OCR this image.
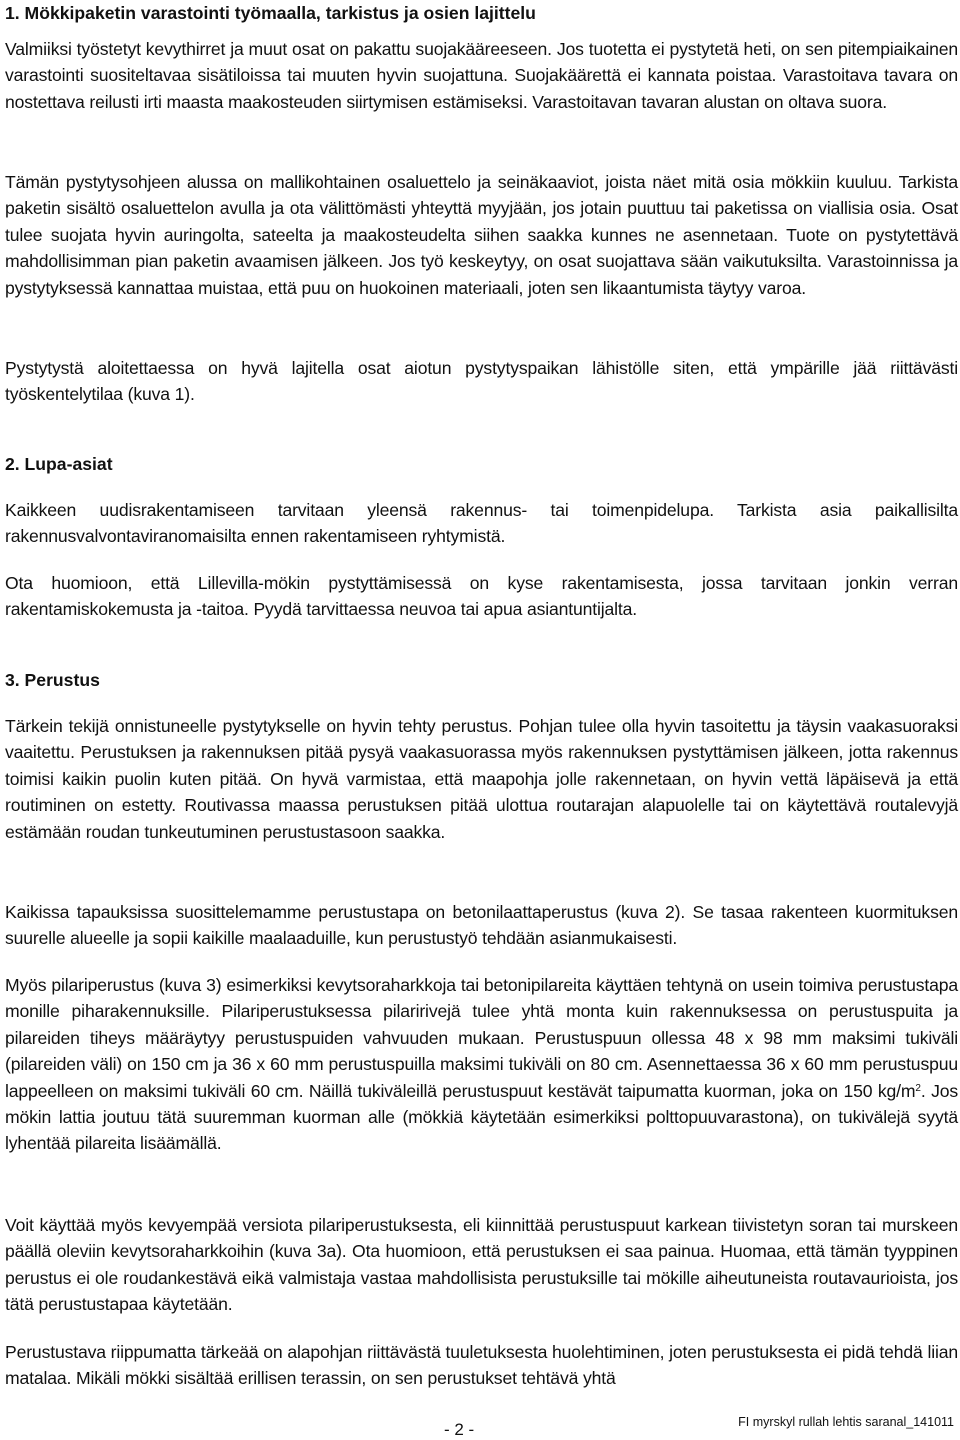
1. Mökkipaketin varastointi työmaalla, tarkistus ja osien lajittelu

Valmiiksi työstetyt kevythirret ja muut osat on pakattu suojakääreeseen. Jos tuotetta ei pystytetä heti, on sen pitempiaikainen varastointi suositeltavaa sisätiloissa tai muuten hyvin suojattuna. Suojakäärettä ei kannata poistaa. Varastoitava tavara on nostettava reilusti irti maasta maakosteuden siirtymisen estämiseksi. Varastoitavan tavaran alustan on oltava suora.

Tämän pystytysohjeen alussa on mallikohtainen osaluettelo ja seinäkaaviot, joista näet mitä osia mökkiin kuuluu. Tarkista paketin sisältö osaluettelon avulla ja ota välittömästi yhteyttä myyjään, jos jotain puuttuu tai paketissa on viallisia osia. Osat tulee suojata hyvin auringolta, sateelta ja maakosteudelta siihen saakka kunnes ne asennetaan. Tuote on pystytettävä mahdollisimman pian paketin avaamisen jälkeen. Jos työ keskeytyy, on osat suojattava sään vaikutuksilta. Varastoinnissa ja pystytyksessä kannattaa muistaa, että puu on huokoinen materiaali, joten sen likaantumista täytyy varoa.

Pystytystä aloitettaessa on hyvä lajitella osat aiotun pystytyspaikan lähistölle siten, että ympärille jää riittävästi työskentelytilaa (kuva 1).

2. Lupa-asiat

Kaikkeen uudisrakentamiseen tarvitaan yleensä rakennus- tai toimenpidelupa. Tarkista asia paikallisilta rakennusvalvontaviranomaisilta ennen rakentamiseen ryhtymistä.

Ota huomioon, että Lillevilla-mökin pystyttämisessä on kyse rakentamisesta, jossa tarvitaan jonkin verran rakentamiskokemusta ja -taitoa. Pyydä tarvittaessa neuvoa tai apua asiantuntijalta.

3. Perustus

Tärkein tekijä onnistuneelle pystytykselle on hyvin tehty perustus. Pohjan tulee olla hyvin tasoitettu ja täysin vaakasuoraksi vaaitettu. Perustuksen ja rakennuksen pitää pysyä vaakasuorassa myös rakennuksen pystyttämisen jälkeen, jotta rakennus toimisi kaikin puolin kuten pitää. On hyvä varmistaa, että maapohja jolle rakennetaan, on hyvin vettä läpäisevä ja että routiminen on estetty. Routivassa maassa perustuksen pitää ulottua routarajan alapuolelle tai on käytettävä routalevyjä estämään roudan tunkeutuminen perustustasoon saakka.

Kaikissa tapauksissa suosittelemamme perustustapa on betonilaattaperustus (kuva 2). Se tasaa rakenteen kuormituksen suurelle alueelle ja sopii kaikille maalaaduille, kun perustustyö tehdään asianmukaisesti.

Myös pilariperustus (kuva 3) esimerkiksi kevytsoraharkkoja tai betonipilareita käyttäen tehtynä on usein toimiva perustustapa monille piharakennuksille. Pilariperustuksessa pilaririvejä tulee yhtä monta kuin rakennuksessa on perustuspuita ja pilareiden tiheys määräytyy perustuspuiden vahvuuden mukaan. Perustuspuun ollessa 48 x 98 mm maksimi tukiväli (pilareiden väli) on 150 cm ja 36 x 60 mm perustuspuilla maksimi tukiväli on 80 cm. Asennettaessa 36 x 60 mm perustuspuu lappeelleen on maksimi tukiväli 60 cm. Näillä tukiväleillä perustuspuut kestävät taipumatta kuorman, joka on 150 $kg/m^2$. Jos mökin lattia joutuu tätä suuremman kuorman alle (mökkiä käytetään esimerkiksi polttopuuvarastona), on tukivälejä syytä lyhentää pilareita lisäämällä.

Voit käyttää myös kevyempää versiota pilariperustuksesta, eli kiinnittää perustuspuut karkean tiivistetyn soran tai murskeen päällä oleviin kevytsoraharkkoihin (kuva 3a). Ota huomioon, että perustuksen ei saa painua. Huomaa, että tämän tyyppinen perustus ei ole roudankestävä eikä valmistaja vastaa mahdollisista perustuksille tai mökille aiheutuneista routavaurioista, jos tätä perustustapaa käytetään.

Perustustava riippumatta tärkeää on alapohjan riittävästä tuuletuksesta huolehtiminen, joten perustuksesta ei pidä tehdä liian matalaa. Mikäli mökki sisältää erillisen terassin, on sen perustukset tehtävä yhtä

- 2 -	FI myrskyl rullah lehtis saranal_141011
